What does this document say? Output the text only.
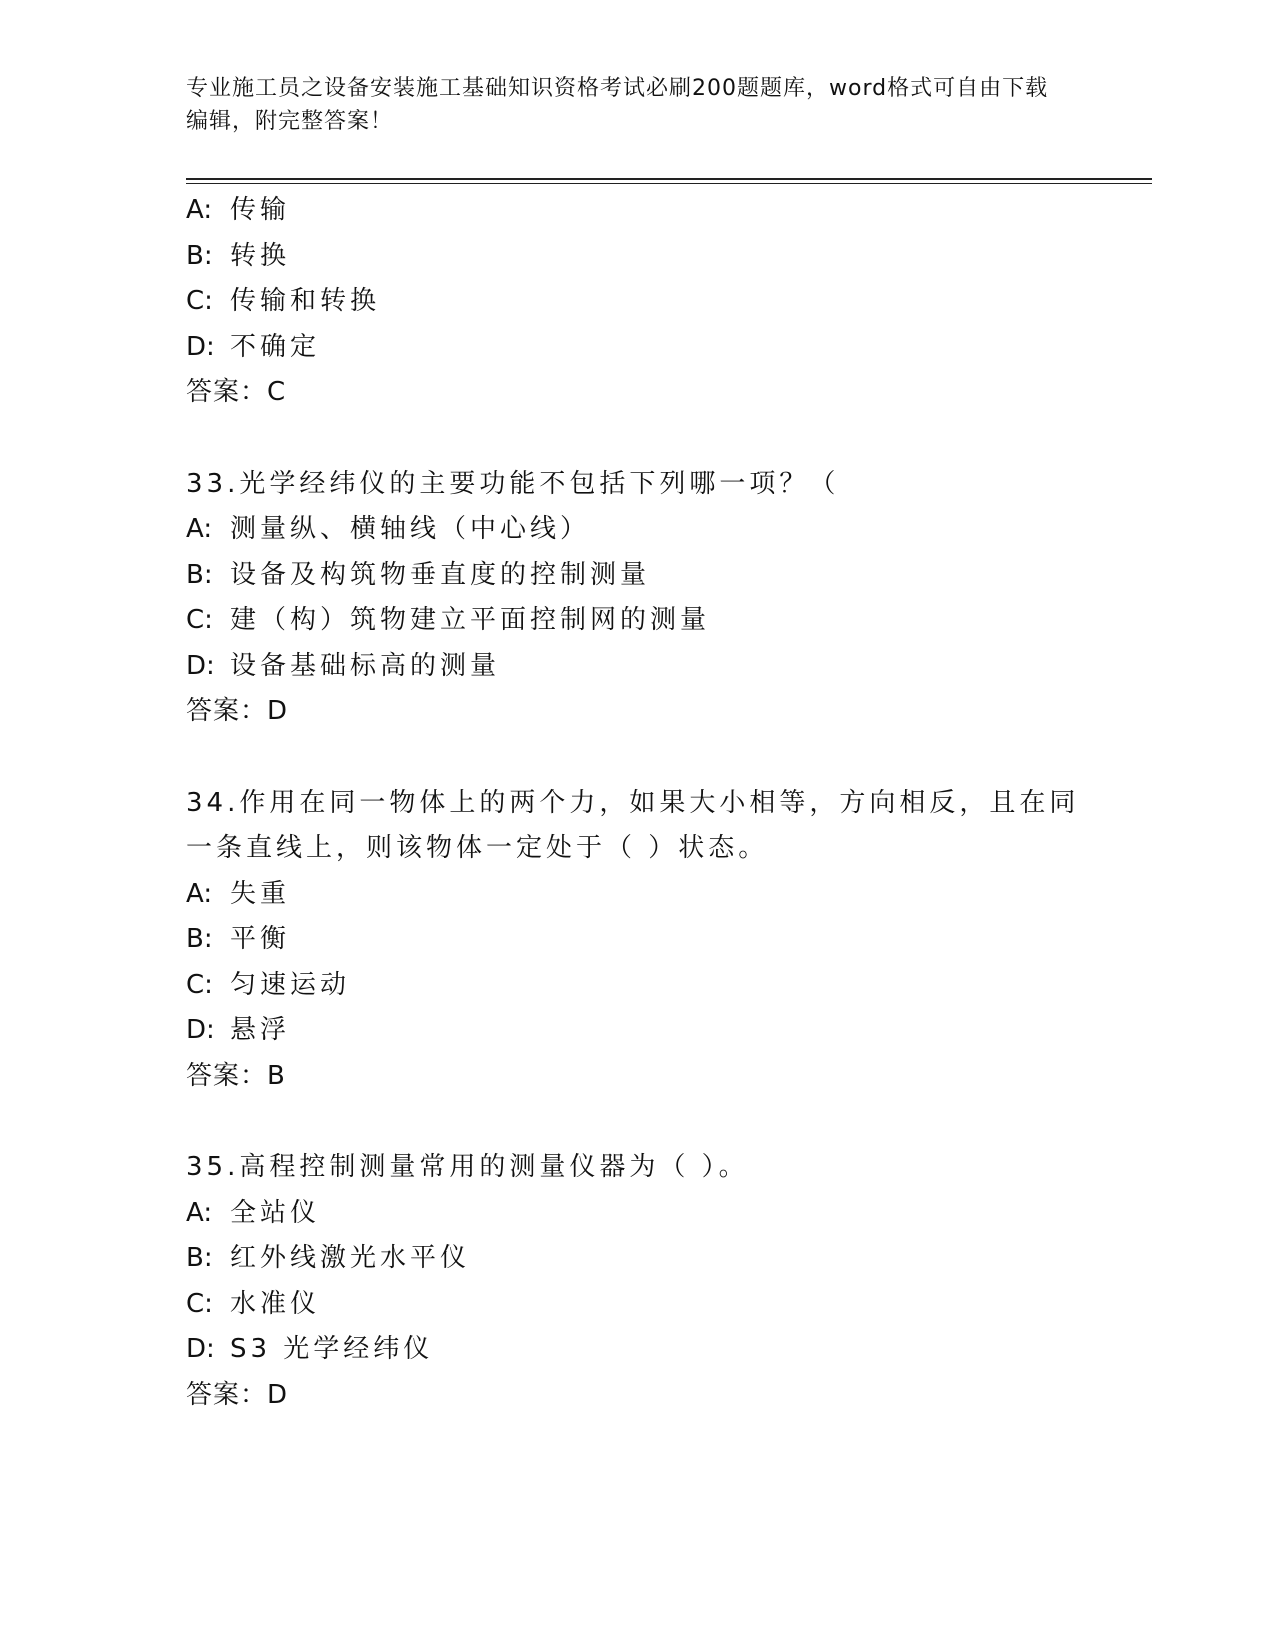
专业施工员之设备安装施工基础知识资格考试必刷200题题库，word格式可自由下载编辑，附完整答案！
A: 传输
B: 转换
C: 传输和转换
D: 不确定
答案：C
33.光学经纬仪的主要功能不包括下列哪一项？（
A: 测量纵、横轴线（中心线）
B: 设备及构筑物垂直度的控制测量
C: 建（构）筑物建立平面控制网的测量
D: 设备基础标高的测量
答案：D
34.作用在同一物体上的两个力，如果大小相等，方向相反，且在同一条直线上，则该物体一定处于（ ）状态。
A: 失重
B: 平衡
C: 匀速运动
D: 悬浮
答案：B
35.高程控制测量常用的测量仪器为（ ）。
A: 全站仪
B: 红外线激光水平仪
C: 水准仪
D: S3 光学经纬仪
答案：D
